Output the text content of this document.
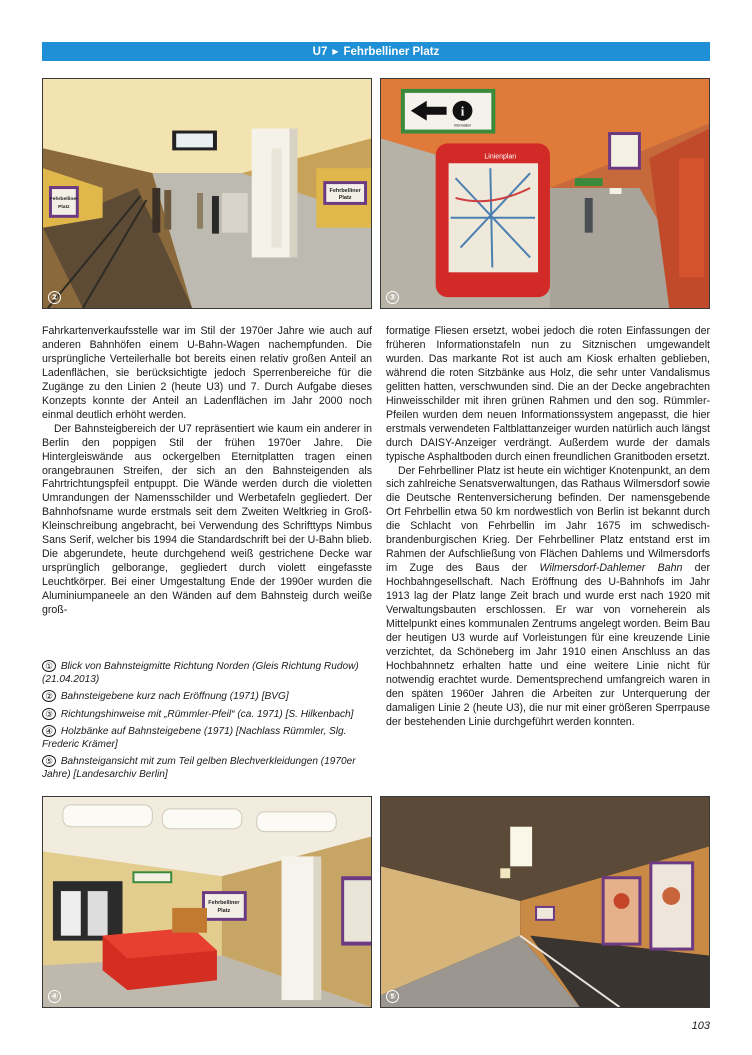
U7 ▶ Fehrbelliner Platz
Fehrbelliner
Platz
Fehrbelliner
Platz
②
i
Information
Linienplan
③

Fahrkartenverkaufsstelle war im Stil der 1970er Jahre wie auch auf anderen Bahnhöfen einem U-Bahn-Wagen nachempfunden. Die ursprüngliche Verteilerhalle bot bereits einen relativ großen Anteil an Ladenflächen, sie berücksichtigte jedoch Sperrenbereiche für die Zugänge zu den Linien 2 (heute U3) und 7. Durch Aufgabe dieses Konzepts konnte der Anteil an Ladenflächen im Jahr 2000 noch einmal deutlich erhöht werden.

Der Bahnsteigbereich der U7 repräsentiert wie kaum ein anderer in Berlin den poppigen Stil der frühen 1970er Jahre. Die Hintergleiswände aus ockergelben Eternitplatten tragen einen orangebraunen Streifen, der sich an den Bahnsteigenden als Fahrtrichtungspfeil entpuppt. Die Wände werden durch die violetten Umrandungen der Namensschilder und Werbetafeln gegliedert. Der Bahnhofsname wurde erstmals seit dem Zweiten Weltkrieg in Groß-Kleinschreibung angebracht, bei Verwendung des Schrifttyps Nimbus Sans Serif, welcher bis 1994 die Standardschrift bei der U-Bahn blieb. Die abgerundete, heute durchgehend weiß gestrichene Decke war ursprünglich gelborange, gegliedert durch violett eingefasste Leuchtkörper. Bei einer Umgestaltung Ende der 1990er wurden die Aluminiumpaneele an den Wänden auf dem Bahnsteig durch weiße groß-

formatige Fliesen ersetzt, wobei jedoch die roten Einfassungen der früheren Informationstafeln nun zu Sitznischen umgewandelt wurden. Das markante Rot ist auch am Kiosk erhalten geblieben, während die roten Sitzbänke aus Holz, die sehr unter Vandalismus gelitten hatten, verschwunden sind. Die an der Decke angebrachten Hinweisschilder mit ihren grünen Rahmen und den sog. Rümmler-Pfeilen wurden dem neuen Informationssystem angepasst, die hier erstmals verwendeten Faltblattanzeiger wurden natürlich auch längst durch DAISY-Anzeiger verdrängt. Außerdem wurde der damals typische Asphaltboden durch einen freundlichen Granitboden ersetzt.

Der Fehrbelliner Platz ist heute ein wichtiger Knotenpunkt, an dem sich zahlreiche Senatsverwaltungen, das Rathaus Wilmersdorf sowie die Deutsche Rentenversicherung befinden. Der namensgebende Ort Fehrbellin etwa 50 km nordwestlich von Berlin ist bekannt durch die Schlacht von Fehrbellin im Jahr 1675 im schwedisch-brandenburgischen Krieg. Der Fehrbelliner Platz entstand erst im Rahmen der Aufschließung von Flächen Dahlems und Wilmersdorfs im Zuge des Baus der Wilmersdorf-Dahlemer Bahn der Hochbahngesellschaft. Nach Eröffnung des U-Bahnhofs im Jahr 1913 lag der Platz lange Zeit brach und wurde erst nach 1920 mit Verwaltungsbauten erschlossen. Er war von vorneherein als Mittelpunkt eines kommunalen Zentrums angelegt worden. Beim Bau der heutigen U3 wurde auf Vorleistungen für eine kreuzende Linie verzichtet, da Schöneberg im Jahr 1910 einen Anschluss an das Hochbahnnetz erhalten hatte und eine weitere Linie nicht für notwendig erachtet wurde. Dementsprechend umfangreich waren in den späten 1960er Jahren die Arbeiten zur Unterquerung der damaligen Linie 2 (heute U3), die nur mit einer größeren Sperrpause der bestehenden Linie durchgeführt werden konnten.

① Blick von Bahnsteigmitte Richtung Norden (Gleis Richtung Rudow) (21.04.2013)
② Bahnsteigebene kurz nach Eröffnung (1971) [BVG]
③ Richtungshinweise mit „Rümmler-Pfeil“ (ca. 1971) [S. Hilkenbach]
④ Holzbänke auf Bahnsteigebene (1971) [Nachlass Rümmler, Slg. Frederic Krämer]
⑤ Bahnsteigansicht mit zum Teil gelben Blechverkleidungen (1970er Jahre) [Landesarchiv Berlin]
Fehrbelliner
Platz
④	⑤
103
